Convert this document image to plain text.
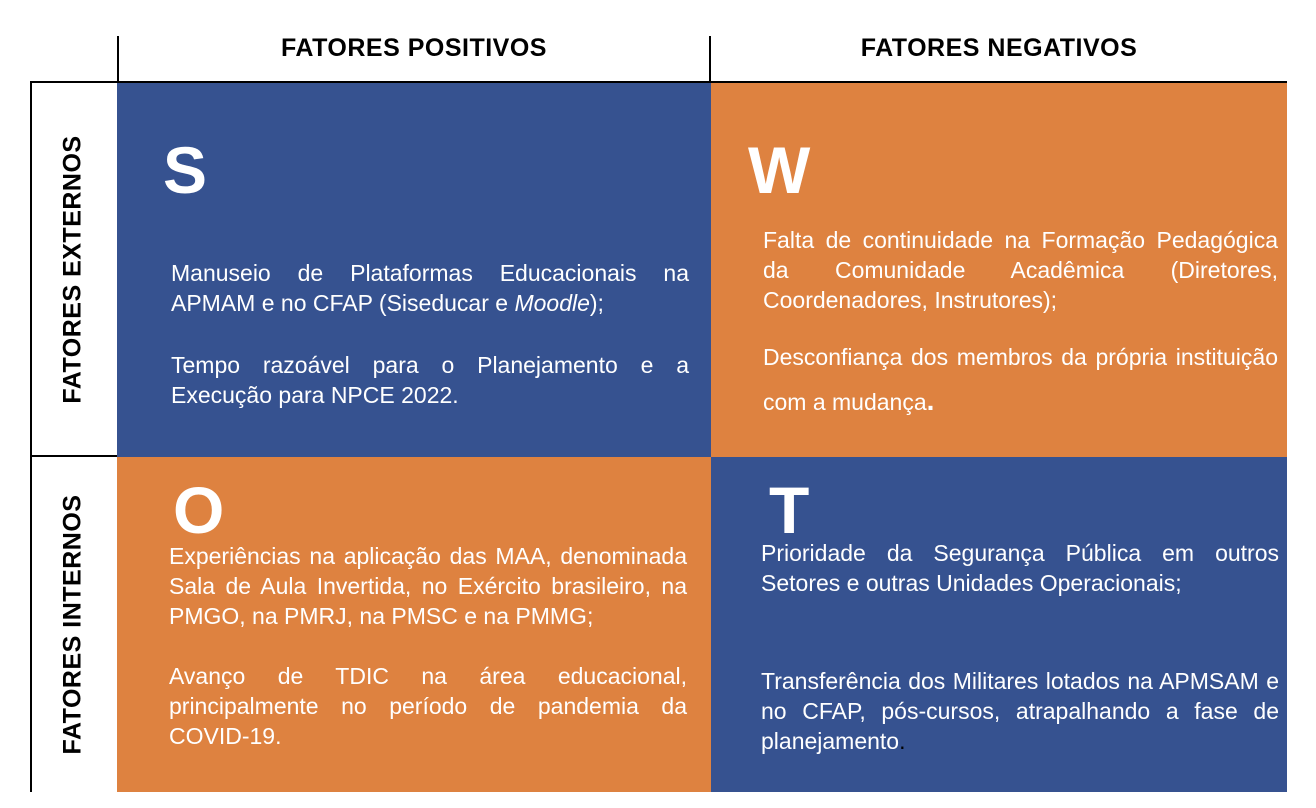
FATORES POSITIVOS	FATORES NEGATIVOS
FATORES EXTERNOS
FATORES INTERNOS
S

Manuseio de Plataformas Educacionais na APMAM e no CFAP (Siseducar e Moodle);

Tempo razoável para o Planejamento e a Execução para NPCE 2022.

W

Falta de continuidade na Formação Pedagógica da Comunidade Acadêmica (Diretores, Coordenadores, Instrutores);

Desconfiança dos membros da própria instituição com a mudança.

O

Experiências na aplicação das MAA, denominada Sala de Aula Invertida, no Exército brasileiro, na PMGO, na PMRJ, na PMSC e na PMMG;

Avanço de TDIC na área educacional, principalmente no período de pandemia da COVID-19.

T

Prioridade da Segurança Pública em outros Setores e outras Unidades Operacionais;

Transferência dos Militares lotados na APMSAM e no CFAP, pós-cursos, atrapalhando a fase de planejamento.
